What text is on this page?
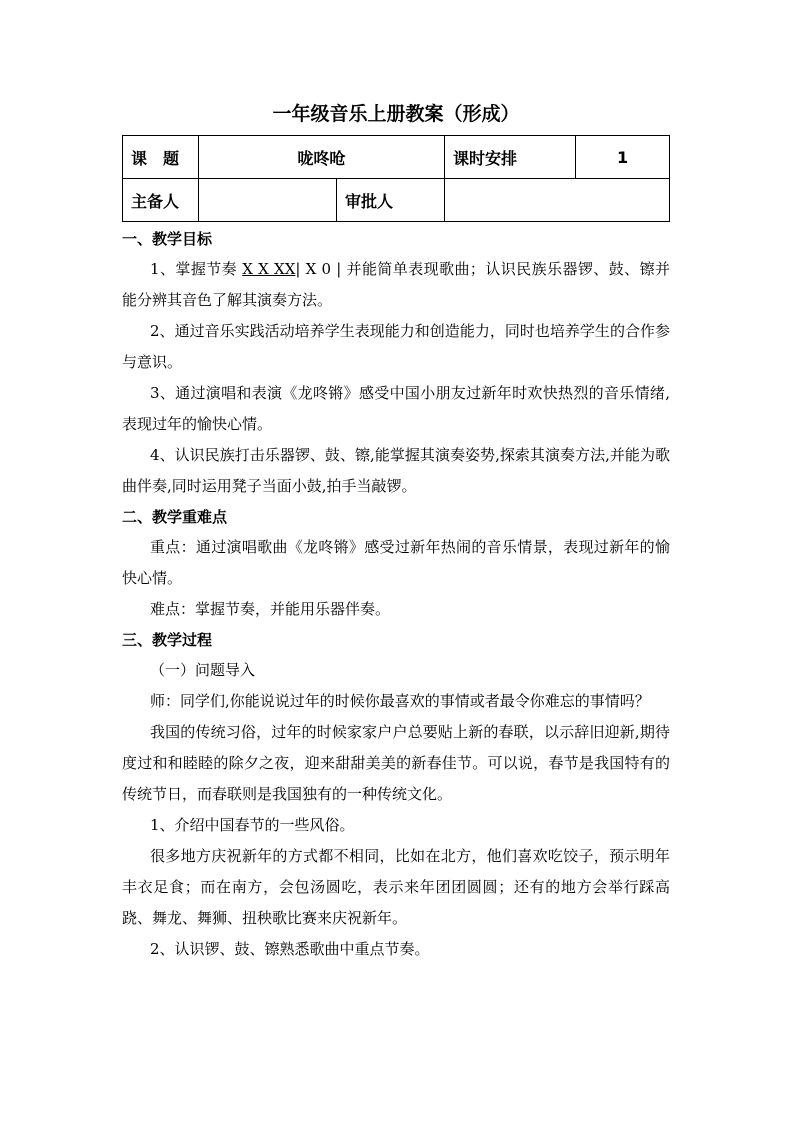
一年级音乐上册教案（形成）
课　题	咙咚呛		课时安排	1
主备人		审批人		
一、教学目标

1、掌握节奏 X X XX| X 0 | 并能简单表现歌曲；认识民族乐器锣、鼓、镲并能分辨其音色了解其演奏方法。

2、通过音乐实践活动培养学生表现能力和创造能力，同时也培养学生的合作参与意识。

3、通过演唱和表演《龙咚锵》感受中国小朋友过新年时欢快热烈的音乐情绪,表现过年的愉快心情。

4、认识民族打击乐器锣、鼓、镲,能掌握其演奏姿势,探索其演奏方法,并能为歌曲伴奏,同时运用凳子当面小鼓,拍手当敲锣。

二、教学重难点

重点：通过演唱歌曲《龙咚锵》感受过新年热闹的音乐情景，表现过新年的愉快心情。

难点：掌握节奏，并能用乐器伴奏。

三、教学过程

（一）问题导入

师：同学们,你能说说过年的时候你最喜欢的事情或者最令你难忘的事情吗？

我国的传统习俗，过年的时候家家户户总要贴上新的春联，以示辞旧迎新,期待度过和和睦睦的除夕之夜，迎来甜甜美美的新春佳节。可以说，春节是我国特有的传统节日，而春联则是我国独有的一种传统文化。

1、介绍中国春节的一些风俗。

很多地方庆祝新年的方式都不相同，比如在北方，他们喜欢吃饺子，预示明年丰衣足食；而在南方，会包汤圆吃，表示来年团团圆圆；还有的地方会举行踩高跷、舞龙、舞狮、扭秧歌比赛来庆祝新年。

2、认识锣、鼓、镲熟悉歌曲中重点节奏。
